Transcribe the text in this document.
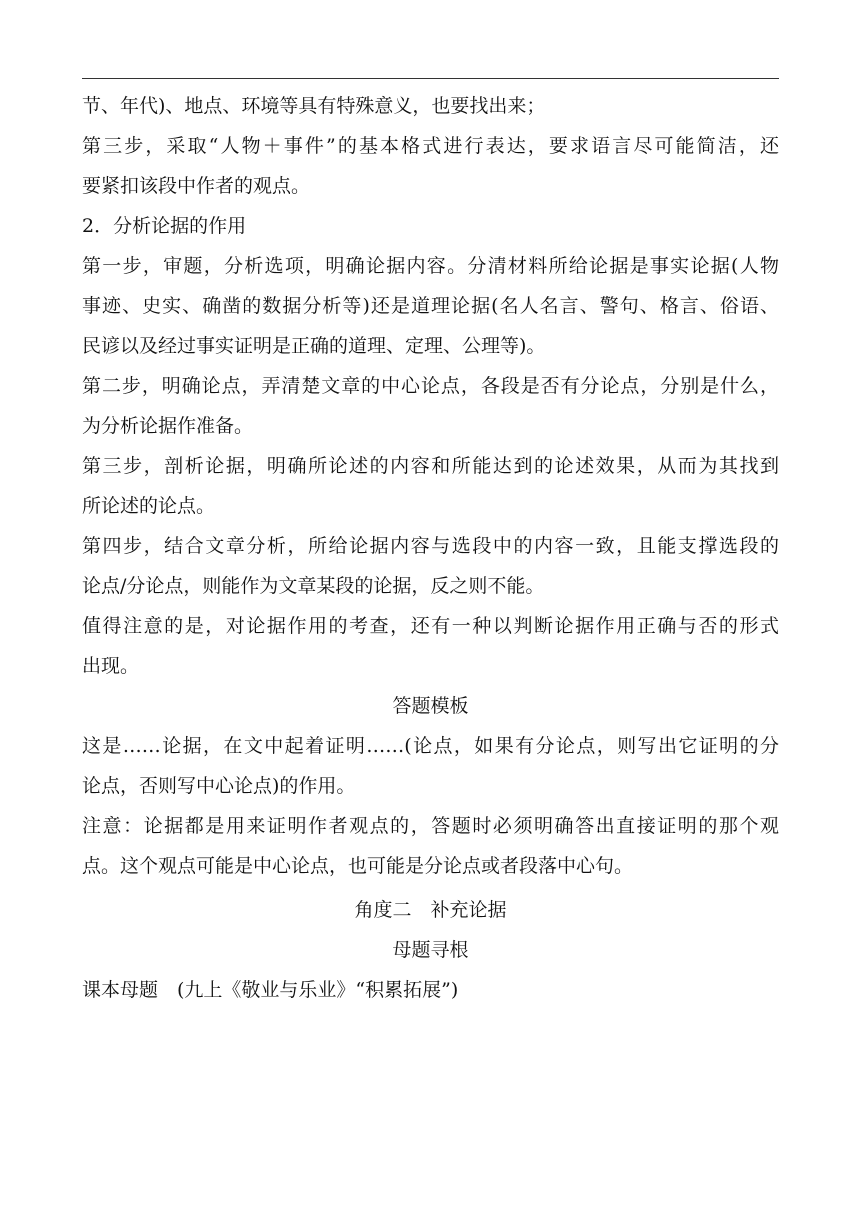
节、年代)、地点、环境等具有特殊意义，也要找出来；
第三步，采取“人物＋事件”的基本格式进行表达，要求语言尽可能简洁，还
要紧扣该段中作者的观点。
2．分析论据的作用
第一步，审题，分析选项，明确论据内容。分清材料所给论据是事实论据(人物
事迹、史实、确凿的数据分析等)还是道理论据(名人名言、警句、格言、俗语、
民谚以及经过事实证明是正确的道理、定理、公理等)。
第二步，明确论点，弄清楚文章的中心论点，各段是否有分论点，分别是什么，
为分析论据作准备。
第三步，剖析论据，明确所论述的内容和所能达到的论述效果，从而为其找到
所论述的论点。
第四步，结合文章分析，所给论据内容与选段中的内容一致，且能支撑选段的
论点/分论点，则能作为文章某段的论据，反之则不能。
值得注意的是，对论据作用的考查，还有一种以判断论据作用正确与否的形式
出现。
答题模板
这是……论据，在文中起着证明……(论点，如果有分论点，则写出它证明的分
论点，否则写中心论点)的作用。
注意：论据都是用来证明作者观点的，答题时必须明确答出直接证明的那个观
点。这个观点可能是中心论点，也可能是分论点或者段落中心句。
角度二　补充论据
母题寻根
课本母题　(九上《敬业与乐业》“积累拓展”)
